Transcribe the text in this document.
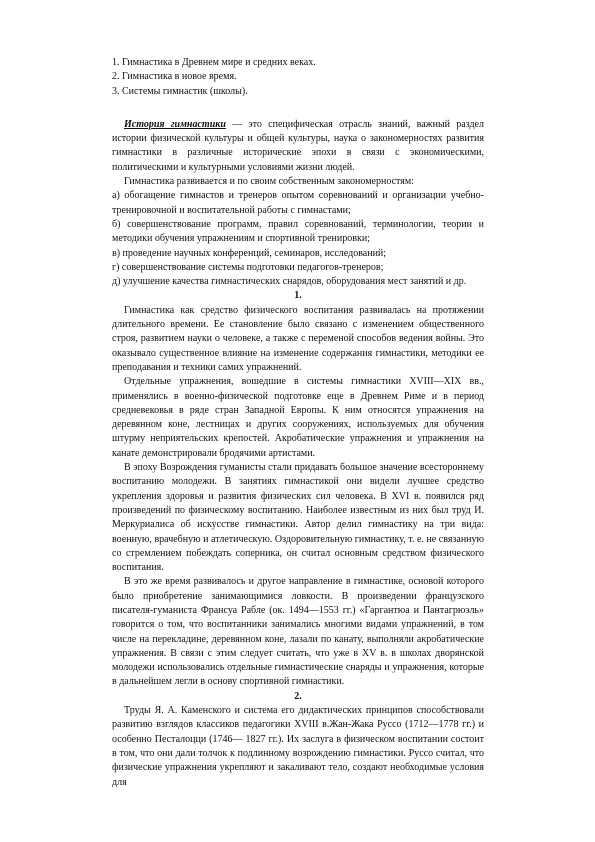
1. Гимнастика в Древнем мире и средних веках.
2. Гимнастика в новое время.
3. Системы гимнастик (школы).

История гимнастики — это специфическая отрасль знаний, важный раздел истории физической культуры и общей культуры, наука о закономерностях развития гимнастики в различные исторические эпохи в связи с экономическими, политическими и культурными условиями жизни людей.

Гимнастика развивается и по своим собственным закономерностям:

а) обогащение гимнастов и тренеров опытом соревнований и организации учебно-тренировочной и воспитательной работы с гимнастами;
б) совершенствование программ, правил соревнований, терминологии, теории и методики обучения упражнениям и спортивной тренировки;
в) проведение научных конференций, семинаров, исследований;
г) совершенствование системы подготовки педагогов-тренеров;
д) улучшение качества гимнастических снарядов, оборудования мест занятий и др.
1.

Гимнастика как средство физического воспитания развивалась на протяжении длительного времени. Ее становление было связано с изменением общественного строя, развитием науки о человеке, а также с переменой способов ведения войны. Это оказывало существенное влияние на изменение содержания гимнастики, методики ее преподавания и техники самих упражнений.

Отдельные упражнения, вошедшие в системы гимнастики XVIII—XIX вв., применялись в военно-физической подготовке еще в Древнем Риме и в период средневековья в ряде стран Западной Европы. К ним относятся упражнения на деревянном коне, лестницах и других сооружениях, используемых для обучения штурму неприятельских крепостей. Акробатические упражнения и упражнения на канате демонстрировали бродячими артистами.

В эпоху Возрождения гуманисты стали придавать большое значение всестороннему воспитанию молодежи. В занятиях гимнастикой они видели лучшее средство укрепления здоровья и развития физических сил человека. В XVI в. появился ряд произведений по физическому воспитанию. Наиболее известным из них был труд И. Меркуриалиса об искусстве гимнастики. Автор делил гимнастику на три вида: военную, врачебную и атлетическую. Оздоровительную гимнастику, т. е. не связанную со стремлением побеждать соперника, он считал основным средством физического воспитания.

В это же время развивалось и другое направление в гимнастике, основой которого было приобретение занимающимися ловкости. В произведении французского писателя-гуманиста Франсуа Рабле (ок. 1494—1553 гг.) «Гаргантюа и Пантагрюэль» говорится о том, что воспитанники занимались многими видами упражнений, в том числе на перекладине, деревянном коне, лазали по канату, выполняли акробатические упражнения. В связи с этим следует считать, что уже в XV в. в школах дворянской молодежи использовались отдельные гимнастические снаряды и упражнения, которые в дальнейшем легли в основу спортивной гимнастики.

2.

Труды Я. А. Каменского и система его дидактических принципов способствовали развитию взглядов классиков педагогики XVIII в.Жан-Жака Руссо (1712—1778 гг.) и особенно Песталоцци (1746— 1827 гг.). Их заслуга в физическом воспитании состоит в том, что они дали толчок к подлинному возрождению гимнастики. Руссо считал, что физические упражнения укрепляют и закаливают тело, создают необходимые условия для
